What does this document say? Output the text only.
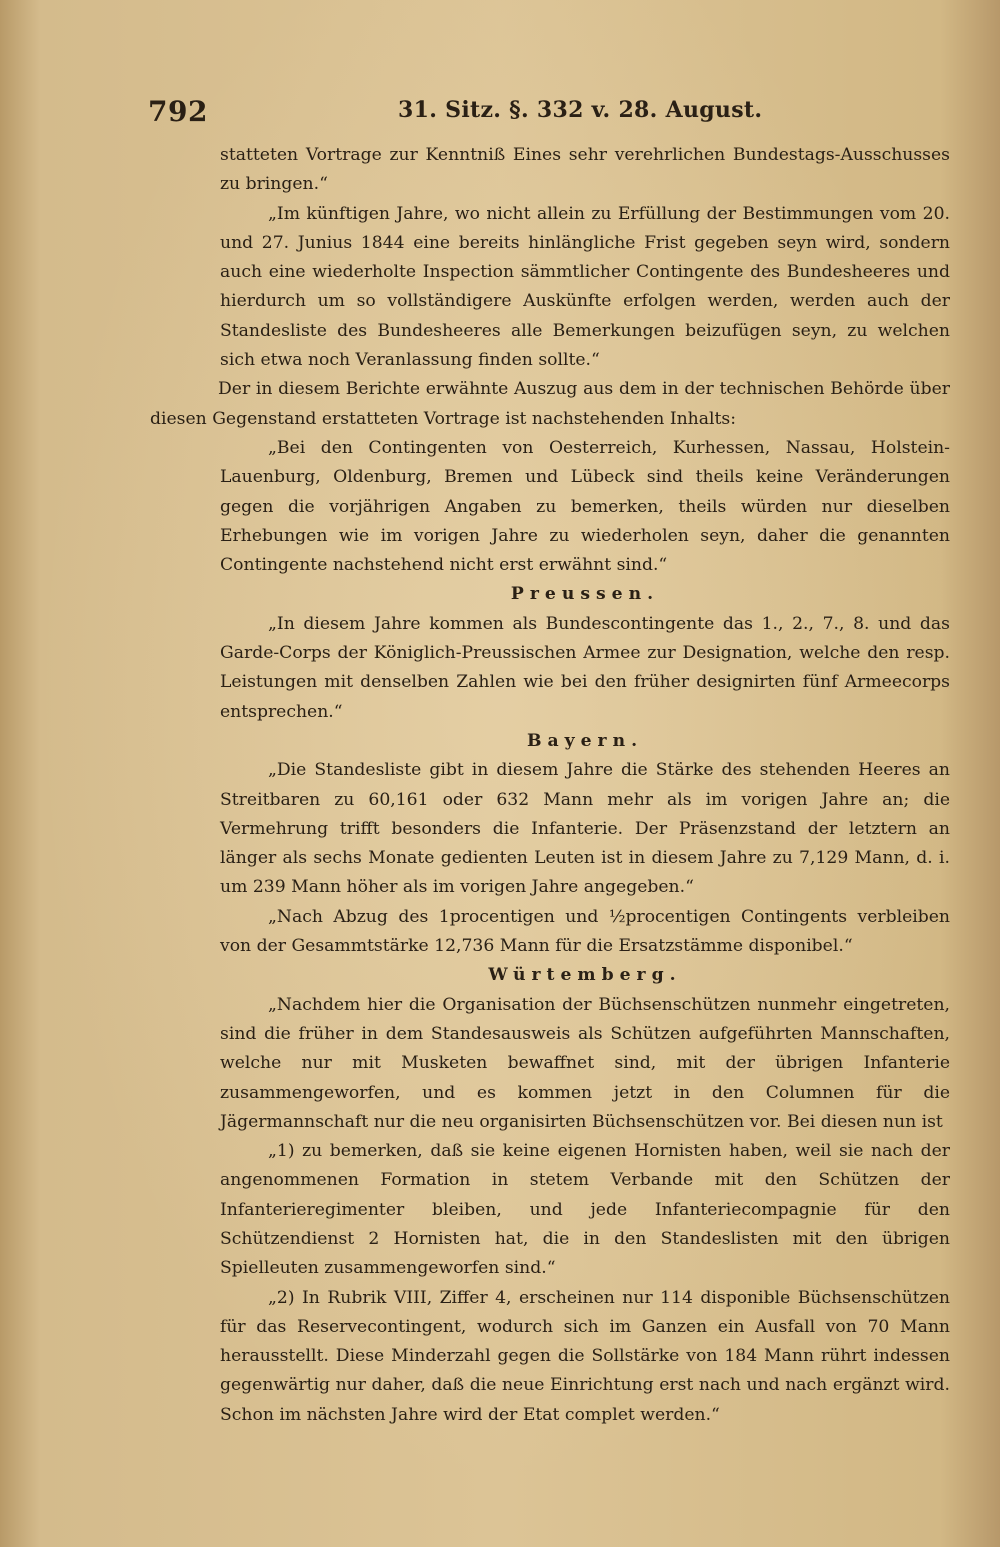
792	31. Sitz. §. 332 v. 28. August.

statteten Vortrage zur Kenntniß Eines sehr verehrlichen Bundestags-Ausschusses zu bringen.“

„Im künftigen Jahre, wo nicht allein zu Erfüllung der Bestimmungen vom 20. und 27. Junius 1844 eine bereits hinlängliche Frist gegeben seyn wird, sondern auch eine wiederholte Inspection sämmtlicher Contingente des Bundesheeres und hierdurch um so vollständigere Auskünfte erfolgen werden, werden auch der Standesliste des Bundesheeres alle Bemerkungen beizufügen seyn, zu welchen sich etwa noch Veranlassung finden sollte.“

Der in diesem Berichte erwähnte Auszug aus dem in der technischen Behörde über diesen Gegenstand erstatteten Vortrage ist nachstehenden Inhalts:

„Bei den Contingenten von Oesterreich, Kurhessen, Nassau, Holstein-Lauenburg, Oldenburg, Bremen und Lübeck sind theils keine Veränderungen gegen die vorjährigen Angaben zu bemerken, theils würden nur dieselben Erhebungen wie im vorigen Jahre zu wiederholen seyn, daher die genannten Contingente nachstehend nicht erst erwähnt sind.“

Preussen.

„In diesem Jahre kommen als Bundescontingente das 1., 2., 7., 8. und das Garde-Corps der Königlich-Preussischen Armee zur Designation, welche den resp. Leistungen mit denselben Zahlen wie bei den früher designirten fünf Armeecorps entsprechen.“

Bayern.

„Die Standesliste gibt in diesem Jahre die Stärke des stehenden Heeres an Streitbaren zu 60,161 oder 632 Mann mehr als im vorigen Jahre an; die Vermehrung trifft besonders die Infanterie. Der Präsenzstand der letztern an länger als sechs Monate gedienten Leuten ist in diesem Jahre zu 7,129 Mann, d. i. um 239 Mann höher als im vorigen Jahre angegeben.“

„Nach Abzug des 1procentigen und ½procentigen Contingents verbleiben von der Gesammtstärke 12,736 Mann für die Ersatzstämme disponibel.“

Würtemberg.

„Nachdem hier die Organisation der Büchsenschützen nunmehr eingetreten, sind die früher in dem Standesausweis als Schützen aufgeführten Mannschaften, welche nur mit Musketen bewaffnet sind, mit der übrigen Infanterie zusammengeworfen, und es kommen jetzt in den Columnen für die Jägermannschaft nur die neu organisirten Büchsenschützen vor. Bei diesen nun ist

„1) zu bemerken, daß sie keine eigenen Hornisten haben, weil sie nach der angenommenen Formation in stetem Verbande mit den Schützen der Infanterieregimenter bleiben, und jede Infanteriecompagnie für den Schützendienst 2 Hornisten hat, die in den Standeslisten mit den übrigen Spielleuten zusammengeworfen sind.“

„2) In Rubrik VIII, Ziffer 4, erscheinen nur 114 disponible Büchsenschützen für das Reservecontingent, wodurch sich im Ganzen ein Ausfall von 70 Mann herausstellt. Diese Minderzahl gegen die Sollstärke von 184 Mann rührt indessen gegenwärtig nur daher, daß die neue Einrichtung erst nach und nach ergänzt wird. Schon im nächsten Jahre wird der Etat complet werden.“
